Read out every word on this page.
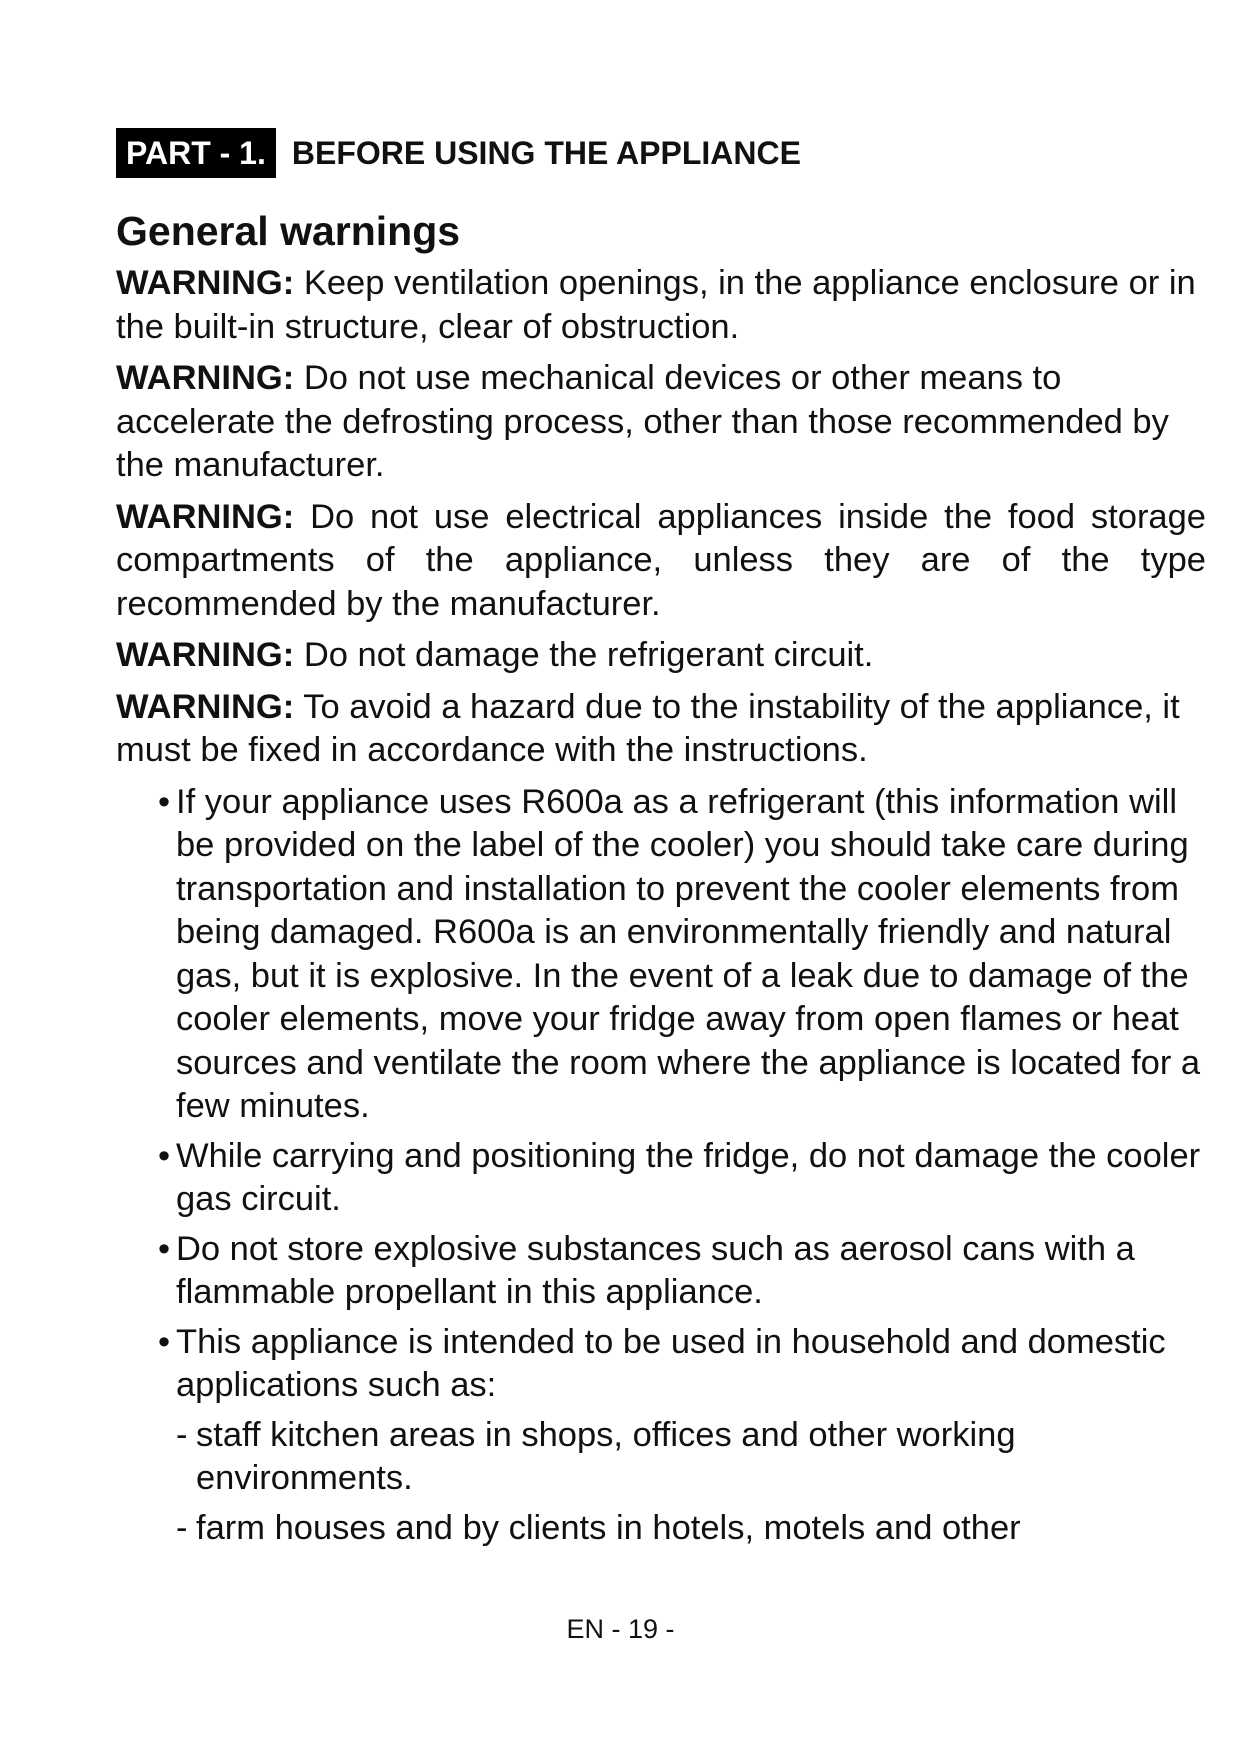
PART - 1. BEFORE USING THE APPLIANCE
General warnings

WARNING: Keep ventilation openings, in the appliance enclosure or in the built-in structure, clear of obstruction.

WARNING: Do not use mechanical devices or other means to accelerate the defrosting process, other than those recommended by the manufacturer.

WARNING: Do not use electrical appliances inside the food storage compartments of the appliance, unless they are of the type recommended by the manufacturer.

WARNING: Do not damage the refrigerant circuit.

WARNING: To avoid a hazard due to the instability of the appliance, it must be fixed in accordance with the instructions.

• If your appliance uses R600a as a refrigerant (this information will be provided on the label of the cooler) you should take care during transportation and installation to prevent the cooler elements from being damaged. R600a is an environmentally friendly and natural gas, but it is explosive. In the event of a leak due to damage of the cooler elements, move your fridge away from open flames or heat sources and ventilate the room where the appliance is located for a few minutes.
• While carrying and positioning the fridge, do not damage the cooler gas circuit.
• Do not store explosive substances such as aerosol cans with a flammable propellant in this appliance.
• This appliance is intended to be used in household and domestic applications such as:
- staff kitchen areas in shops, offices and other working environments.
- farm houses and by clients in hotels, motels and other
EN - 19 -
